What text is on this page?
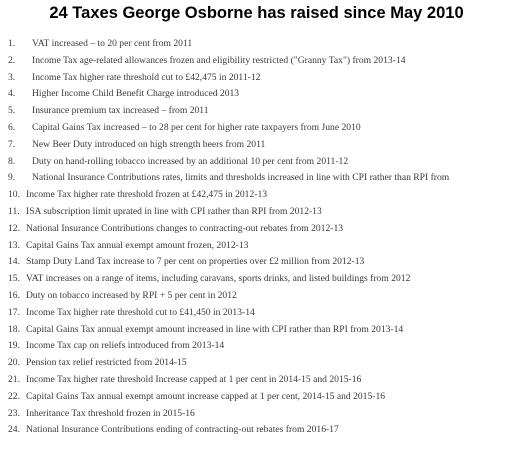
24 Taxes George Osborne has raised since May 2010
1. VAT increased – to 20 per cent from 2011
2. Income Tax age-related allowances frozen and eligibility restricted ("Granny Tax") from 2013-14
3. Income Tax higher rate threshold cut to £42,475 in 2011-12
4. Higher Income Child Benefit Charge introduced 2013
5. Insurance premium tax increased – from 2011
6. Capital Gains Tax increased – to 28 per cent for higher rate taxpayers from June 2010
7. New Beer Duty introduced on high strength beers from 2011
8. Duty on hand-rolling tobacco increased by an additional 10 per cent from 2011-12
9. National Insurance Contributions rates, limits and thresholds increased in line with CPI rather than RPI from
10. Income Tax higher rate threshold frozen at £42,475 in 2012-13
11. ISA subscription limit uprated in line with CPI rather than RPI from 2012-13
12. National Insurance Contributions changes to contracting-out rebates from 2012-13
13. Capital Gains Tax annual exempt amount frozen, 2012-13
14. Stamp Duty Land Tax increase to 7 per cent on properties over £2 million from 2012-13
15. VAT increases on a range of items, including caravans, sports drinks, and listed buildings from 2012
16. Duty on tobacco increased by RPI + 5 per cent in 2012
17. Income Tax higher rate threshold cut to £41,450 in 2013-14
18. Capital Gains Tax annual exempt amount increased in line with CPI rather than RPI from 2013-14
19. Income Tax cap on reliefs introduced from 2013-14
20. Pension tax relief restricted from 2014-15
21. Income Tax higher rate threshold Increase capped at 1 per cent in 2014-15 and 2015-16
22. Capital Gains Tax annual exempt amount increase capped at 1 per cent, 2014-15 and 2015-16
23. Inheritance Tax threshold frozen in 2015-16
24. National Insurance Contributions ending of contracting-out rebates from 2016-17
